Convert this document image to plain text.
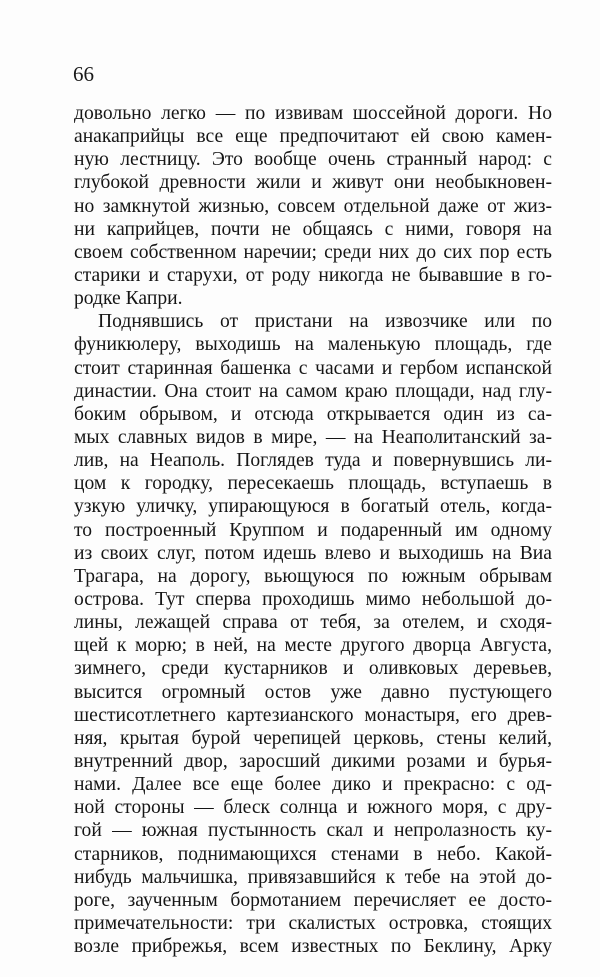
66
довольно легко — по извивам шоссейной дороги. Но
анакаприйцы все еще предпочитают ей свою камен-
ную лестницу. Это вообще очень странный народ: с
глубокой древности жили и живут они необыкновен-
но замкнутой жизнью, совсем отдельной даже от жиз-
ни каприйцев, почти не общаясь с ними, говоря на
своем собственном наречии; среди них до сих пор есть
старики и старухи, от роду никогда не бывавшие в го-
родке Капри.
Поднявшись от пристани на извозчике или по
фуникюлеру, выходишь на маленькую площадь, где
стоит старинная башенка с часами и гербом испанской
династии. Она стоит на самом краю площади, над глу-
боким обрывом, и отсюда открывается один из са-
мых славных видов в мире, — на Неаполитанский за-
лив, на Неаполь. Поглядев туда и повернувшись ли-
цом к городку, пересекаешь площадь, вступаешь в
узкую уличку, упирающуюся в богатый отель, когда-
то построенный Круппом и подаренный им одному
из своих слуг, потом идешь влево и выходишь на Виа
Трагара, на дорогу, вьющуюся по южным обрывам
острова. Тут сперва проходишь мимо небольшой до-
лины, лежащей справа от тебя, за отелем, и сходя-
щей к морю; в ней, на месте другого дворца Августа,
зимнего, среди кустарников и оливковых деревьев,
высится огромный остов уже давно пустующего
шестисотлетнего картезианского монастыря, его древ-
няя, крытая бурой черепицей церковь, стены келий,
внутренний двор, заросший дикими розами и бурья-
нами. Далее все еще более дико и прекрасно: с од-
ной стороны — блеск солнца и южного моря, с дру-
гой — южная пустынность скал и непролазность ку-
старников, поднимающихся стенами в небо. Какой-
нибудь мальчишка, привязавшийся к тебе на этой до-
роге, заученным бормотанием перечисляет ее досто-
примечательности: три скалистых островка, стоящих
возле прибрежья, всем известных по Беклину, Арку
